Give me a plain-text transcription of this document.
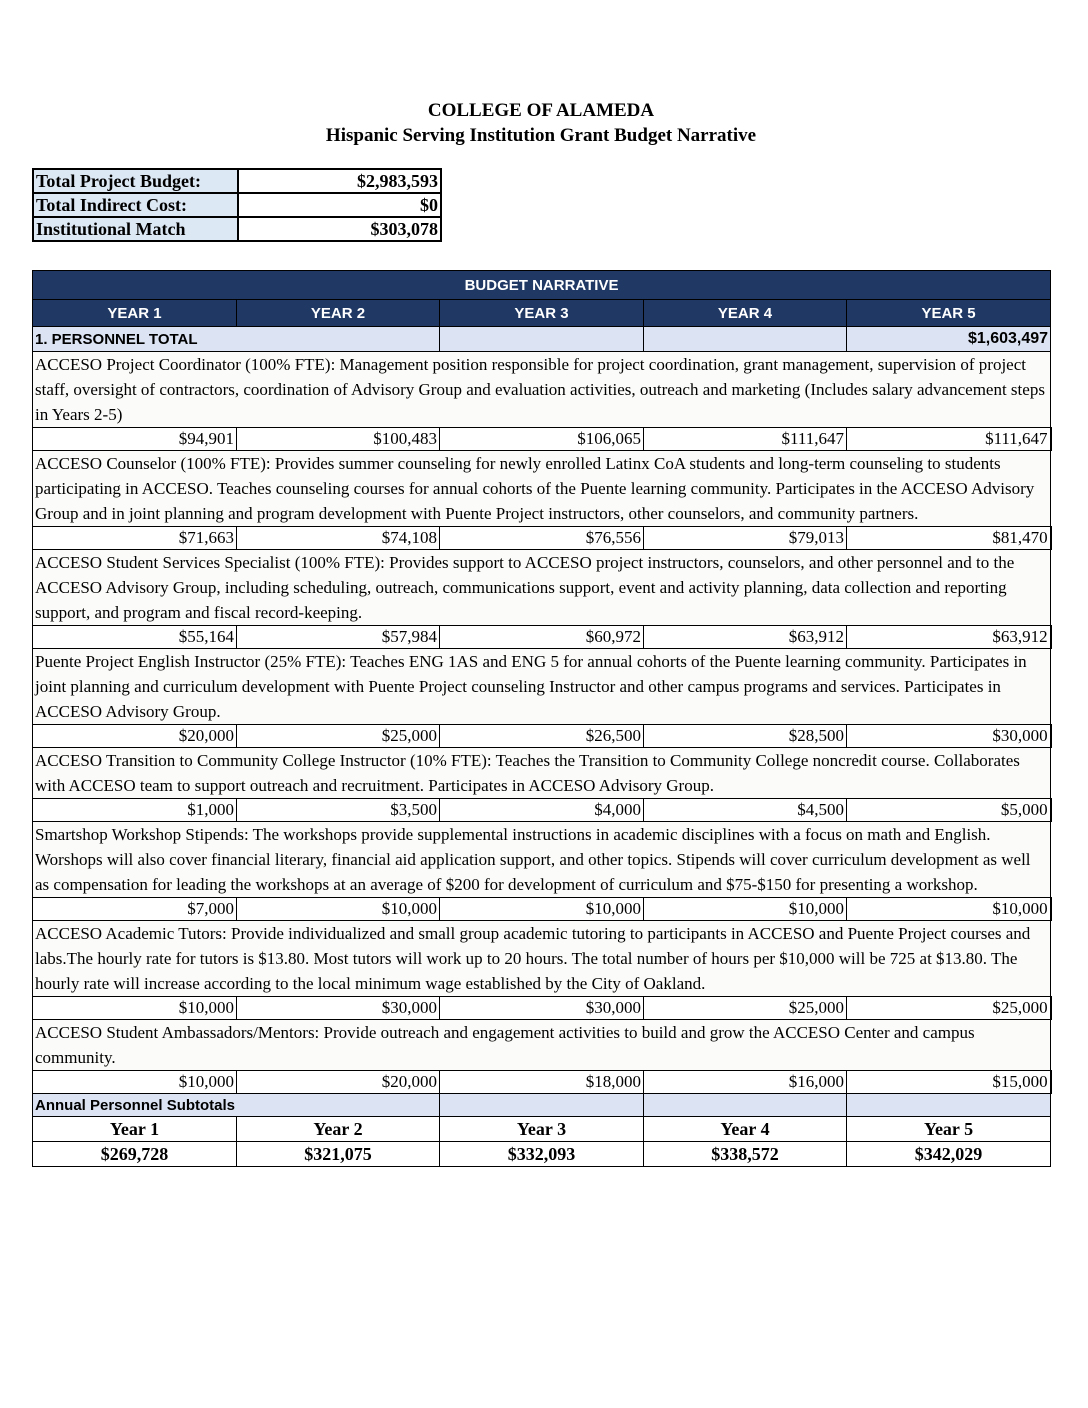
COLLEGE OF ALAMEDA
Hispanic Serving Institution Grant Budget Narrative
Total Project Budget:	$2,983,593
Total Indirect Cost:	$0
Institutional Match	$303,078
BUDGET NARRATIVE				
YEAR 1	YEAR 2	YEAR 3	YEAR 4	YEAR 5
1. PERSONNEL TOTAL				$1,603,497
ACCESO Project Coordinator (100% FTE): Management position responsible for project coordination, grant management, supervision of project staff, oversight of contractors, coordination of Advisory Group and evaluation activities, outreach and marketing (Includes salary advancement steps in Years 2-5)				
$94,901	$100,483	$106,065	$111,647	$111,647
ACCESO Counselor (100% FTE): Provides summer counseling for newly enrolled Latinx CoA students and long-term counseling to students participating in ACCESO. Teaches counseling courses for annual cohorts of the Puente learning community. Participates in the ACCESO Advisory Group and in joint planning and program development with Puente Project instructors, other counselors, and community partners.				
$71,663	$74,108	$76,556	$79,013	$81,470
ACCESO Student Services Specialist (100% FTE): Provides support to ACCESO project instructors, counselors, and other personnel and to the ACCESO Advisory Group, including scheduling, outreach, communications support, event and activity planning, data collection and reporting support, and program and fiscal record-keeping.				
$55,164	$57,984	$60,972	$63,912	$63,912
Puente Project English Instructor (25% FTE): Teaches ENG 1AS and ENG 5 for annual cohorts of the Puente learning community. Participates in joint planning and curriculum development with Puente Project counseling Instructor and other campus programs and services. Participates in ACCESO Advisory Group.				
$20,000	$25,000	$26,500	$28,500	$30,000
ACCESO Transition to Community College Instructor (10% FTE): Teaches the Transition to Community College noncredit course. Collaborates with ACCESO team to support outreach and recruitment. Participates in ACCESO Advisory Group.				
$1,000	$3,500	$4,000	$4,500	$5,000
Smartshop Workshop Stipends: The workshops provide supplemental instructions in academic disciplines with a focus on math and English. Worshops will also cover financial literary, financial aid application support, and other topics. Stipends will cover curriculum development as well as compensation for leading the workshops at an average of $200 for development of curriculum and $75-$150 for presenting a workshop.				
$7,000	$10,000	$10,000	$10,000	$10,000
ACCESO Academic Tutors: Provide individualized and small group academic tutoring to participants in ACCESO and Puente Project courses and labs.The hourly rate for tutors is $13.80. Most tutors will work up to 20 hours. The total number of hours per $10,000 will be 725 at $13.80. The hourly rate will increase according to the local minimum wage established by the City of Oakland.				
$10,000	$30,000	$30,000	$25,000	$25,000
ACCESO Student Ambassadors/Mentors: Provide outreach and engagement activities to build and grow the ACCESO Center and campus community.				
$10,000	$20,000	$18,000	$16,000	$15,000
Annual Personnel Subtotals				
Year 1	Year 2	Year 3	Year 4	Year 5
$269,728	$321,075	$332,093	$338,572	$342,029
